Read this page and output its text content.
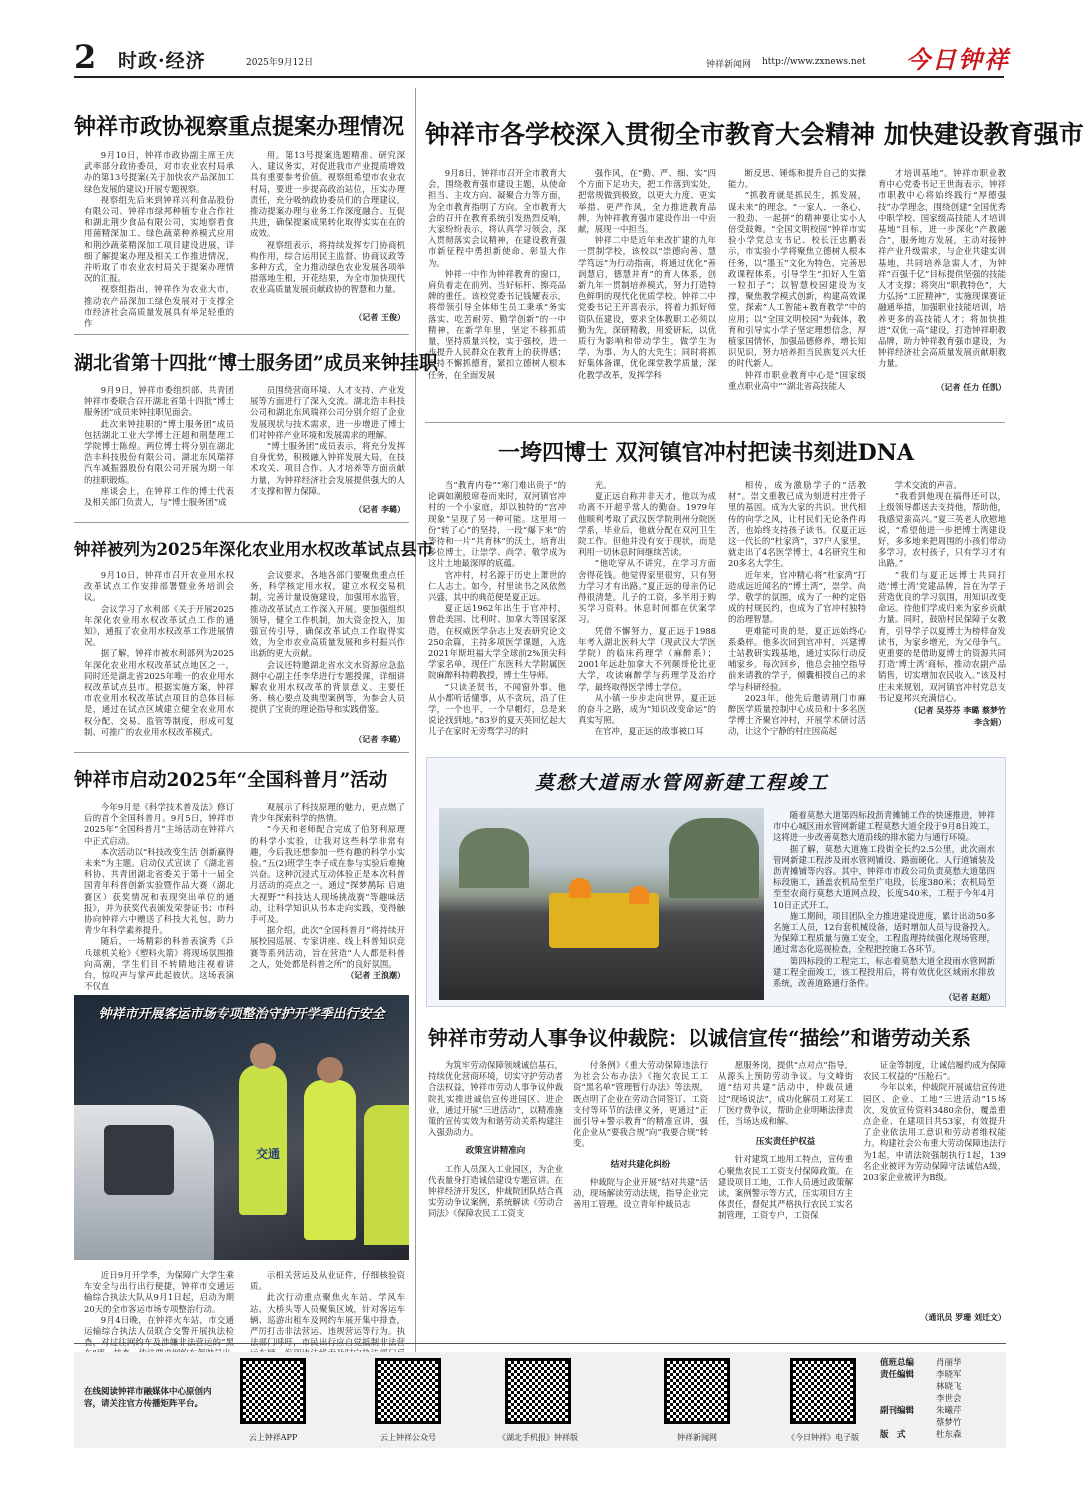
2 时政·经济	2025年9月12日	钟祥新闻网 http://www.zxnews.net 今日钟祥
钟祥市政协视察重点提案办理情况

9月10日，钟祥市政协副主席王庆武率部分政协委员，对市农业农村局承办的第13号提案(关于加快农产品深加工绿色发展的建议)开展专题视察。

视察组先后来到钟祥兴利食品股份有限公司、钟祥市绿邦种植专业合作社和湖北荆少食品有限公司，实地察看食用菌精深加工、绿色蔬菜种养模式应用和荆沙蔬菜精深加工项目建设进展，详细了解提案办理及相关工作推进情况，并听取了市农业农村局关于提案办理情况的汇报。

视察组指出，钟祥作为农业大市，推动农产品深加工绿色发展对于支撑全市经济社会高质量发展具有举足轻重的作

用。第13号提案选题精准、研究深入、建议务实，对促进我市产业提质增效具有重要参考价值。视察组希望市农业农村局，要进一步提高政治站位，压实办理责任，充分吸纳政协委员们的合理建议，推动提案办理与业务工作深度融合、互促共进，确保提案成果转化取得实实在在的成效。

视察组表示，将持续发挥专门协商机构作用，综合运用民主监督、协商议政等多种方式，全力推动绿色农业发展各项举措落地生根，开花结果，为全市加快现代农业高质量发展贡献政协的智慧和力量。

（记者 王俊）
湖北省第十四批“博士服务团”成员来钟挂职

9月9日，钟祥市委组织部、共青团钟祥市委联合召开湖北省第十四批“博士服务团”成员来钟挂职见面会。

此次来钟挂职的“博士服务团”成员包括湖北工业大学博士汪超和荆楚理工学院博士陈煌。两位博士将分别在湖北浩丰科技股份有限公司、湖北东风瑞祥汽车减振器股份有限公司开展为期一年的挂职锻炼。

座谈会上，在钟祥工作的博士代表及相关部门负责人，与“博士服务团”成

员围绕营商环境、人才支持、产业发展等方面进行了深入交流。湖北浩丰科技公司和湖北东风瑞祥公司分别介绍了企业发展现状与技术需求，进一步增进了博士们对钟祥产业环境和发展需求的理解。

“博士服务团”成员表示，将充分发挥自身优势，积极融入钟祥发展大局，在技术攻关、项目合作、人才培养等方面贡献力量，为钟祥经济社会发展提供强大的人才支撑和智力保障。

（记者 李璐）
钟祥被列为2025年深化农业用水权改革试点县市

9月10日，钟祥市召开农业用水权改革试点工作安排部署暨业务培训会议。

会议学习了水利部《关于开展2025年深化农业用水权改革试点工作的通知》，通报了农业用水权改革工作进展情况。

据了解，钟祥市被水利部列为2025年深化农业用水权改革试点地区之一，同时还是湖北省2025年唯一的农业用水权改革试点县市。根据实施方案，钟祥市农业用水权改革试点项目的总体目标是，通过在试点区域建立健全农业用水权分配、交易、监管等制度，形成可复制、可推广的农业用水权改革模式。

会议要求，各地各部门要聚焦重点任务，科学核定用水权，建立水权交易机制，完善计量设施建设，加强用水监管，推动改革试点工作深入开展。要加强组织领导，健全工作机制，加大资金投入，加强宣传引导，确保改革试点工作取得实效，为全市农业高质量发展和乡村振兴作出新的更大贡献。

会议还特邀湖北省水文水资源应急监测中心副主任李华进行专题授课，详细讲解农业用水权改革的背景意义、主要任务、核心要点及典型案例等，为参会人员提供了宝贵的理论指导和实践借鉴。

（记者 李璐）
钟祥市启动2025年“全国科普月”活动

今年9月是《科学技术普及法》修订后的首个全国科普月。9月5日，钟祥市2025年“全国科普月”主场活动在钟祥六中正式启动。

本次活动以“科技改变生活 创新赢得未来”为主题。启动仪式宣读了《湖北省科协、共青团湖北省委关于第十一届全国青年科普创新实验暨作品大赛（湖北赛区）获奖情况和表现突出单位的通报》，并为获奖代表颁发荣誉证书；市科协向钟祥六中赠送了科技大礼包，助力青少年科学素养提升。

随后，一场精彩的科普表演秀《乒乓球机关枪》《塑料火箭》将现场氛围推向高潮，学生们目不转睛地注视着讲台，惊叹声与掌声此起彼伏。这场表演不仅直

观展示了科技原理的魅力，更点燃了青少年探索科学的热情。

“今天和老师配合完成了伯努利原理的科学小实验，让我对这些科学非常有趣，今后我还想参加一些有趣的科学小实验。”五(2)班学生李子成在参与实验后难掩兴奋。这种沉浸式互动体验正是本次科普月活动的亮点之一。通过“探梦鹊际 启迪大视野”“科技达人现场挑战赛”等趣味活动，让科学知识从书本走向实践，变得触手可及。

据介绍，此次“全国科普月”将持续开展校园巡展、专家讲座、线上科普知识竞赛等系列活动，旨在营造“人人都是科普之人，处处都是科普之所”的良好氛围。

（记者 王浪潮）
钟祥市开展客运市场专项整治守护开学季出行安全
交通

近日9月开学季，为保障广大学生乘车安全与出行出行便捷，钟祥市交通运输综合执法大队从9月1日起，启动为期20天的全市客运市场专项整治行动。

9月4日晚，在钟祥火车站，市交通运输综合执法人员联合交警开展执法检

示相关营运及从业证件，仔细核验资质。

此次行动重点聚焦火车站、学风车站、大桥头等人员聚集区域，针对客运车辆、巡游出租车及网约车展开集中排查，严厉打击非法营运、违规营运等行为。执

钟祥市各学校深入贯彻全市教育大会精神 加快建设教育强市

9月8日，钟祥市召开全市教育大会，围绕教育强市建设主题，从使命担当、主攻方向、凝聚合力等方面，为全市教育指明了方向。全市教育大会的召开在教育系统引发热烈反响，大家纷纷表示，将认真学习领会，深入贯彻落实会议精神，在建设教育强市新征程中勇担新使命、彰显大作为。

钟祥一中作为钟祥教育的窗口，肩负着走在前列、当好标杆、擦亮品牌的重任。该校党委书记钱耀表示，将带领引导全体师生员工秉承“务实落实、吃苦耐劳、勤学创新”的一中精神，在新学年里，坚定不移抓质量，坚持质量兴校，实于强校，进一步提升人民群众在教育上的获得感；坚持不懈抓德育，紧扣立德树人根本任务，在全面发展

强作风，在“勤、严、细、实”四个方面下足功夫，把工作落到实处，把常规做到极致，以更大力度、更实举措、更严作风，全力推进教育品牌，为钟祥教育强市建设作出一中贡献，展现一中担当。

钟祥二中是近年来改扩建的九年一贯制学校，该校以“崇德向善、慧学笃远”为行动指南，将通过优化“善润慧启，德慧并育”的育人体系，创新九年一贯制培养模式，努力打造特色鲜明的现代化优质学校。钟祥二中党委书记王开喜表示，将着力抓好师资队伍建设，要求全体教职工必须以勤为先，深研精教，用爱研耘，以优质行为影响和带动学生，做学生为学、为事、为人的大先生；同时将抓好集体备课，优化课堂教学质量，深化教学改革，发挥学科

断反思、锤炼和提升自己的实操能力。

“抓教育就是抓民生，抓发展，谋未来”的理念。“一家人、一条心、一股劲、一起拼”的精神要让实小人倍受鼓舞。“全国文明校园”钟祥市实验小学党总支书记、校长汪忠鹏表示，市实验小学将聚焦立德树人根本任务，以“墨玉”文化为特色，完善思政课程体系，引导学生“扣好人生第一粒扣子”；以智慧校园建设为支撑，聚焦教学模式创新，构建高效课堂，探索“人工智能+教育教学”中的应用；以“全国文明校园”为载体，教育和引导实小学子坚定理想信念，厚植家国情怀，加强品德修养，增长知识见识，努力培养担当民族复兴大任的时代新人。

钟祥市职业教育中心是“国家级重点职业高中”“湖北省高技能人

才培训基地”。钟祥市职业教育中心党委书记王世海表示，钟祥市职教中心将始终践行“厚德强技”办学理念，围绕创建“全国优秀中职学校、国家级高技能人才培训基地”目标，进一步深化“产教融合”，服务地方发展，主动对接钟祥产业升级需求，与企业共建实训基地，共同培养急需人才，为钟祥“百强千亿”目标提供坚强的技能人才支撑；将突出“职教特色”，大力弘扬“工匠精神”，实施现课赛证融通举措，加强职业技能培训，培养更多的高技能人才；将加快推进“双优一高”建设，打造钟祥职教品牌，助力钟祥教育强市建设，为钟祥经济社会高质量发展贡献职教力量。

（记者 任力 任凯）
一垮四博士 双河镇官冲村把读书刻进DNA

当“教育内卷”“寒门难出贵子”的论调如潮般席卷而来时，双河镇官冲村的一个小家庭，却以独特的“宫冲现象”呈现了另一种可能。这里用一份“转了心”的坚持，一段“爆下来”的等待和一片“共育林”的沃土，培育出多位博士，让崇学、尚学、敬学成为这片土地最深厚的底蕴。

官冲村，村名源于历史上萧世的仁人志士。如今，村里读书之风依然兴盛，其中的典范便是夏正远。

夏正远1962年出生于官冲村，曾赴美国、比利时、加拿大等国家深造，在权威医学杂志上发表研究论文250余篇，主持多项医学课题，入选2021年斯坦福大学全球前2%顶尖科学家名单，现任广东医科大学附属医院麻醉科特聘教授，博士生导师。

“只读圣贤书，不闻窗外事。他从小都听话懂事，从不贪玩，沿了住学，一个也平，一个早帽灯，总是来说论找到地。”83岁的夏天英回忆起大儿子在家时无旁骛学习的时

光。

夏正远自称并非天才，他以为成功离不开超乎常人的勤奋。1979年他顺利考取了武汉医学院荆州分院医学系，毕业后，他就分配在双河卫生院工作。但他并没有安于现状，而是利用一切休息时间继续苦读。

“他吃穿从不讲究，在学习方面舍得花钱。他觉得家里很穷，只有努力学习才有出路。”夏正远的母亲仍记得很清楚。儿子的工资，多半用于购买学习资料。休息时间都在伏案学习。

凭借不懈努力，夏正远于1988年考入湖北医科大学（现武汉大学医学院）的临床药理学（麻醉系）；2001年远赴加拿大不列颠哥伦比亚大学，攻读麻醉学与药理学及治疗学，最终取得医学博士学位。

从小镇一步步走向世界，夏正远的奋斗之路，成为“知识改变命运”的真实写照。

在官冲，夏正远的故事被口耳

相传，成为激励学子的“活教材”。崇文重教已成为刻进村庄骨子里的基因。成为大家的共识。世代相传的向学之风，让村民们无论条件再苦，也始终支持孩子读书。仅夏正远这一代长的“杜家湾”，37户人家里，就走出了4名医学博士，4名研究生和20多名大学生。

近年来，官冲精心将“杜家湾”打造成远近闻名的“博士湾”，崇学、尚学、敬学的氛围，成为了一种约定俗成的村规民约，也成为了官冲村独特的治理智慧。

更难能可贵的是，夏正远始终心系桑梓。他多次回到官冲村，兴建博士站教研实践基地，通过实际行动反哺家乡。每次回乡，他总会抽空指导前来请教的学子，倾囊相授自己的求学与科研经验。

2023年，他先后邀请荆门市麻醉医学质量控制中心成员和十多名医学博士齐聚官冲村，开展学术研讨活动，让这个宁静的村庄因高起

学术交流的声音。

“我看到他现在搞得还可以，上级领导都送去支持他，帮助他，我感觉蛮高兴。”夏三英老人欣慰地说，“希望他进一步把博士湾建设好，多多地来把周围的小孩们带动多学习，农村孩子，只有学习才有出路。”

“我们与夏正远博士共同打造‘博士湾’党建品牌，旨在为学子营造优良的学习氛围，用知识改变命运。待他们学成归来为家乡贡献力量。同时，鼓励村民保障子女教育，引导学子以夏博士为榜样奋发读书，为家乡增光，为父母争气。更重要的是借助夏博士的资源共同打造‘博士湾’商标，推动农副产品销售，切实增加农民收入。”该及村庄未来规划，双河镇官冲村党总支书记夏邦兴充满信心。

（记者 吴芬芬 李璐 蔡梦竹
李含娟）
莫愁大道雨水管网新建工程竣工

随着莫愁大道第四标段沥青摊铺工作的快速推进，钟祥市中心城区雨水管网新建工程莫愁大道全段于9月8日竣工，这将进一步改善莫愁大道沿线的排水能力与通行环境。

据了解，莫愁大道施工段街全长约2.5公里，此次雨水管网新建工程涉及雨水管网铺设、路面硬化、人行道铺装及沥青摊铺等内容。其中，钟祥市市政公司负责莫愁大道第四标段施工，涵盖农机局至至广电段，长度380米；农机局至至至农商行莫愁大道网点段，长度540米，工程于今年4月10日正式开工。

施工期间，项目团队全力推进建设进度，累计出动50多名施工人员，12台套机械设备，适时增加人员与设备投入。为保障工程质量与施工安全，工程监理持续强化现场管理，通过常态化巡视检查，全程把控施工各环节。

第四标段的工程完工，标志着莫愁大道全段雨水管网新建工程全面竣工，该工程投用后，将有效优化区域雨水排放系统，改善道路通行条件。

（记者 赵超）
钟祥市劳动人事争议仲裁院：以诚信宣传“描绘”和谐劳动关系

为筑牢劳动保障领域诚信基石，持续优化营商环境，切实守护劳动者合法权益，钟祥市劳动人事争议仲裁院扎实推进诚信宣传进园区、进企业，通过开展“三进活动”，以精准施策的宣传实效为和谐劳动关系构建注入强劲动力。

政策宣讲精准向

工作人员深入工业园区，为企业代表量身打造诚信建设专题宣讲。在钟祥经济开发区，仲裁院团队结合真实劳动争议案例，系统解读《劳动合同法》《保障农民工工资支

付条例》《重大劳动保障违法行为社会公布办法》《拖欠农民工工资“黑名单”管理暂行办法》等法规，既点明了企业在劳动合同签订、工资支付等环节的法律义务，更通过“正面引导+警示教育”的精准宣讲，强化企业从“要我合规”向“我要合规”转变。

结对共建化纠纷

仲裁院与企业开展“结对共建”活动，现场解读劳动法规，指导企业完善用工管理。设立青年仲裁员志

愿服务岗，提供“点对点”指导，从源头上预防劳动争议。与文峰街道“结对共建”活动中，仲裁员通过“现场说法”，成功化解员工对某工厂医疗费争议，帮助企业明晰法律责任，当场达成和解。

压实责任护权益

针对建筑工地用工特点，宣传重心聚焦农民工工资支付保障政策。在建设项目工地，工作人员通过政策解读，案例警示等方式，压实项目方主体责任，督促其严格执行农民工实名制管理，工资专户，工资保

证金等制度，让诚信履约成为保障农民工权益的“压舱石”。

今年以来，仲裁院开展诚信宣传进园区、企业、工地“三进活动”15场次，发放宣传资料3480余份，覆盖重点企业、在建项目共53家，有效提升了企业依法用工意识和劳动者维权能力。构建社会公布重大劳动保障违法行为1起，申请法院强制执行1起，139名企业被评为劳动保障守法诚信A级，203家企业被评为B级。

（通讯员 罗珊 刘迁文）
在线阅读钟祥市融媒体中心原创内容，请关注官方传播矩阵平台。
云上钟祥APP	云上钟祥公众号	《湖北手机报》钟祥版	钟祥新闻网	《今日钟祥》电子版
值班总编	肖丽华
责任编辑	李晓军
林晓飞
李世会
副刊编辑	朱曦芹
蔡梦竹
版　式	杜东森
